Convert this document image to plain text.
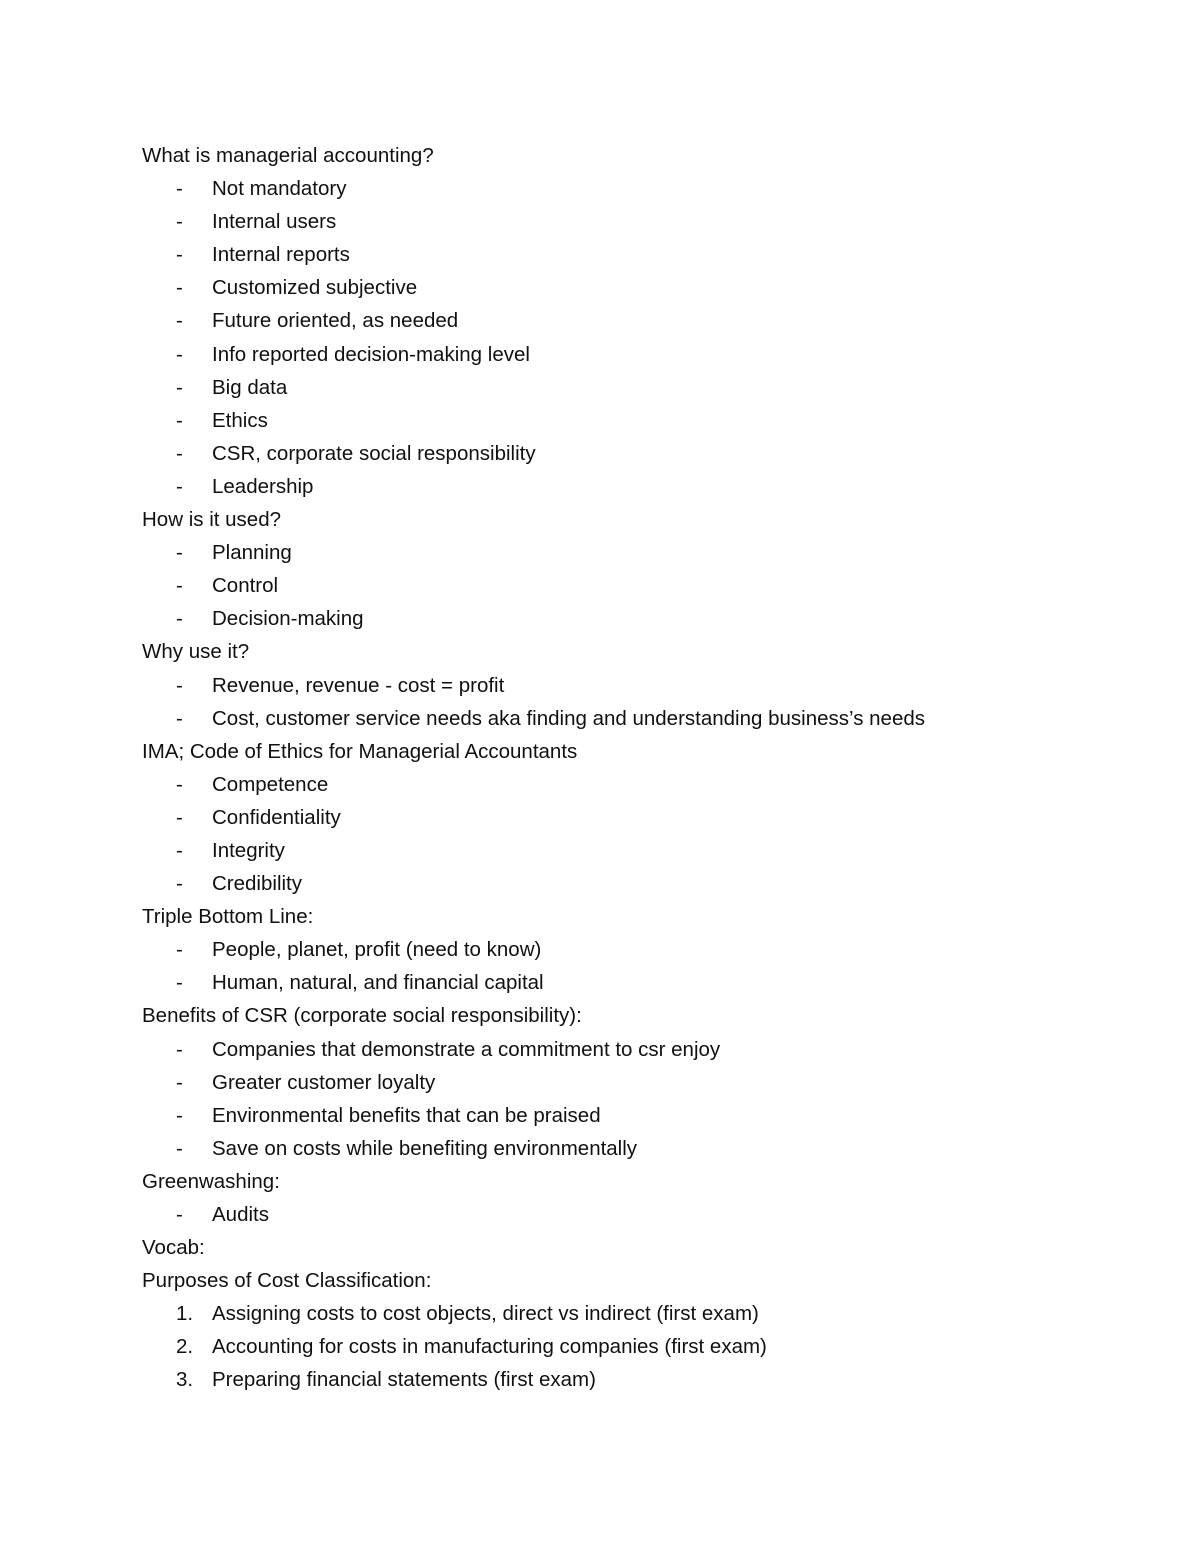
What is managerial accounting?
-	Not mandatory
-	Internal users
-	Internal reports
-	Customized subjective
-	Future oriented, as needed
-	Info reported decision-making level
-	Big data
-	Ethics
-	CSR, corporate social responsibility
-	Leadership
How is it used?
-	Planning
-	Control
-	Decision-making
Why use it?
-	Revenue, revenue - cost = profit
-	Cost, customer service needs aka finding and understanding business’s needs
IMA; Code of Ethics for Managerial Accountants
-	Competence
-	Confidentiality
-	Integrity
-	Credibility
Triple Bottom Line:
-	People, planet, profit (need to know)
-	Human, natural, and financial capital
Benefits of CSR (corporate social responsibility):
-	Companies that demonstrate a commitment to csr enjoy
-	Greater customer loyalty
-	Environmental benefits that can be praised
-	Save on costs while benefiting environmentally
Greenwashing:
-	Audits
Vocab:
Purposes of Cost Classification:
1. Assigning costs to cost objects, direct vs indirect (first exam)
2. Accounting for costs in manufacturing companies (first exam)
3. Preparing financial statements (first exam)
